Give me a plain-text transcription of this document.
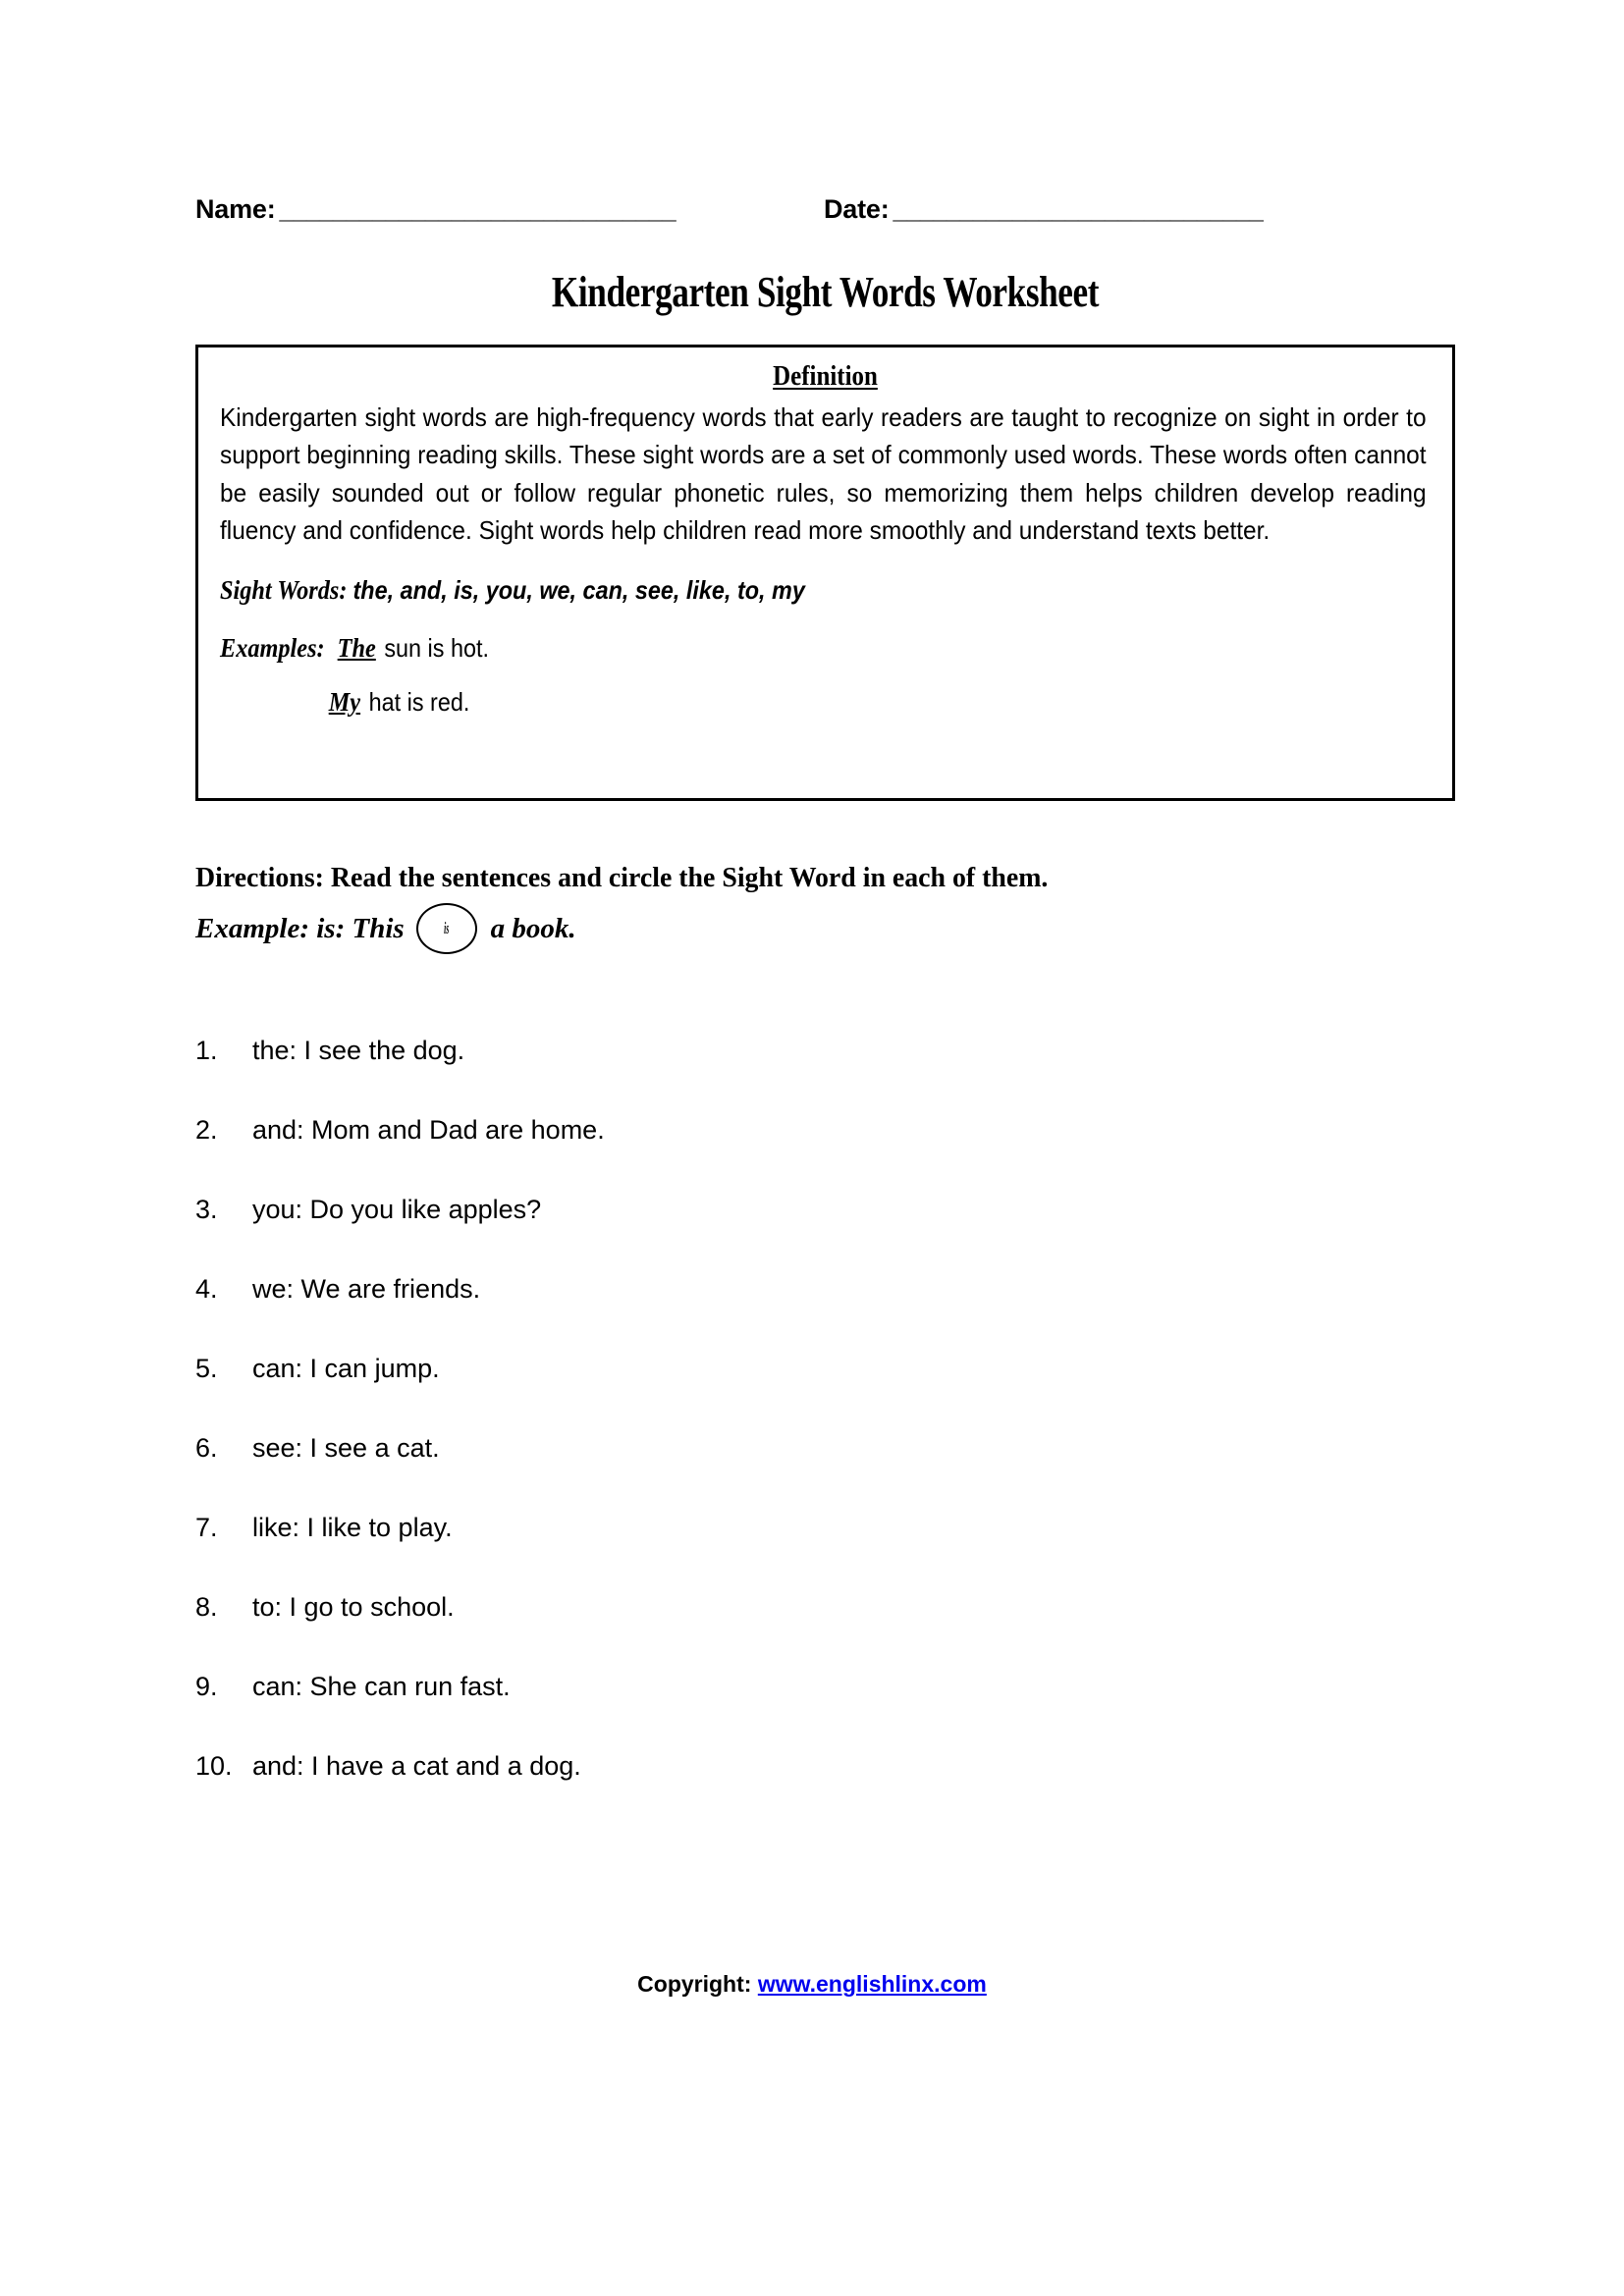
Name: ______________________________	Date: ____________________________
Kindergarten Sight Words Worksheet
Definition
Kindergarten sight words are high-frequency words that early readers are taught to recognize on sight in order to support beginning reading skills. These sight words are a set of commonly used words. These words often cannot be easily sounded out or follow regular phonetic rules, so memorizing them helps children develop reading fluency and confidence. Sight words help children read more smoothly and understand texts better.
Sight Words: the, and, is, you, we, can, see, like, to, my
Examples: The sun is hot.
My hat is red.
Directions: Read the sentences and circle the Sight Word in each of them.
Example: is: This is a book.
1.	the: I see the dog.
2.	and: Mom and Dad are home.
3.	you: Do you like apples?
4.	we: We are friends.
5.	can: I can jump.
6.	see: I see a cat.
7.	like: I like to play.
8.	to: I go to school.
9.	can: She can run fast.
10. and: I have a cat and a dog.
Copyright: www.englishlinx.com
